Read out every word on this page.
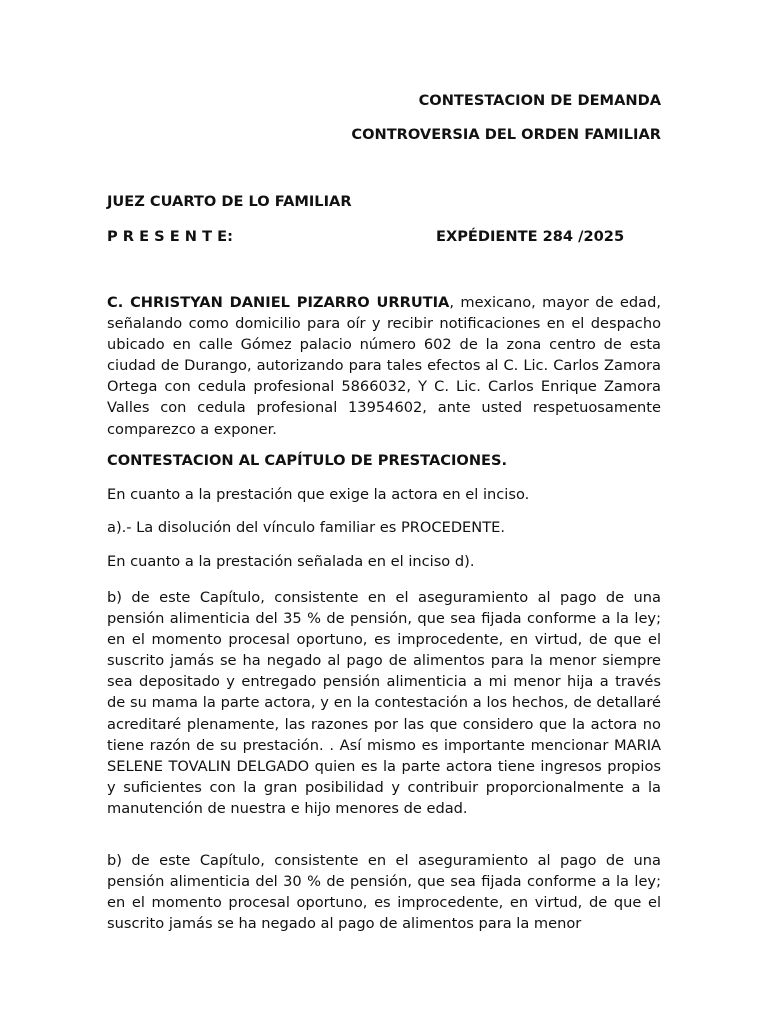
CONTESTACION DE DEMANDA
CONTROVERSIA DEL ORDEN FAMILIAR
JUEZ CUARTO DE LO FAMILIAR
P R E S E N T E:	EXPÉDIENTE 284 /2025

C. CHRISTYAN DANIEL PIZARRO URRUTIA, mexicano, mayor de edad, señalando como domicilio para oír y recibir notificaciones en el despacho ubicado en calle Gómez palacio número 602 de la zona centro de esta ciudad de Durango, autorizando para tales efectos al C. Lic. Carlos Zamora Ortega con cedula profesional 5866032, Y C. Lic. Carlos Enrique Zamora Valles con cedula profesional 13954602, ante usted respetuosamente comparezco a exponer.

CONTESTACION AL CAPÍTULO DE PRESTACIONES.

En cuanto a la prestación que exige la actora en el inciso.

a).- La disolución del vínculo familiar es PROCEDENTE.

En cuanto a la prestación señalada en el inciso d).

b) de este Capítulo, consistente en el aseguramiento al pago de una pensión alimenticia del 35 % de pensión, que sea fijada conforme a la ley; en el momento procesal oportuno, es improcedente, en virtud, de que el suscrito jamás se ha negado al pago de alimentos para la menor siempre sea depositado y entregado pensión alimenticia a mi menor hija a través de su mama la parte actora, y en la contestación a los hechos, de detallaré acreditaré plenamente, las razones por las que considero que la actora no tiene razón de su prestación. . Así mismo es importante mencionar MARIA SELENE TOVALIN DELGADO quien es la parte actora tiene ingresos propios y suficientes con la gran posibilidad y contribuir proporcionalmente a la manutención de nuestra e hijo menores de edad.

b) de este Capítulo, consistente en el aseguramiento al pago de una pensión alimenticia del 30 % de pensión, que sea fijada conforme a la ley; en el momento procesal oportuno, es improcedente, en virtud, de que el suscrito jamás se ha negado al pago de alimentos para la menor
